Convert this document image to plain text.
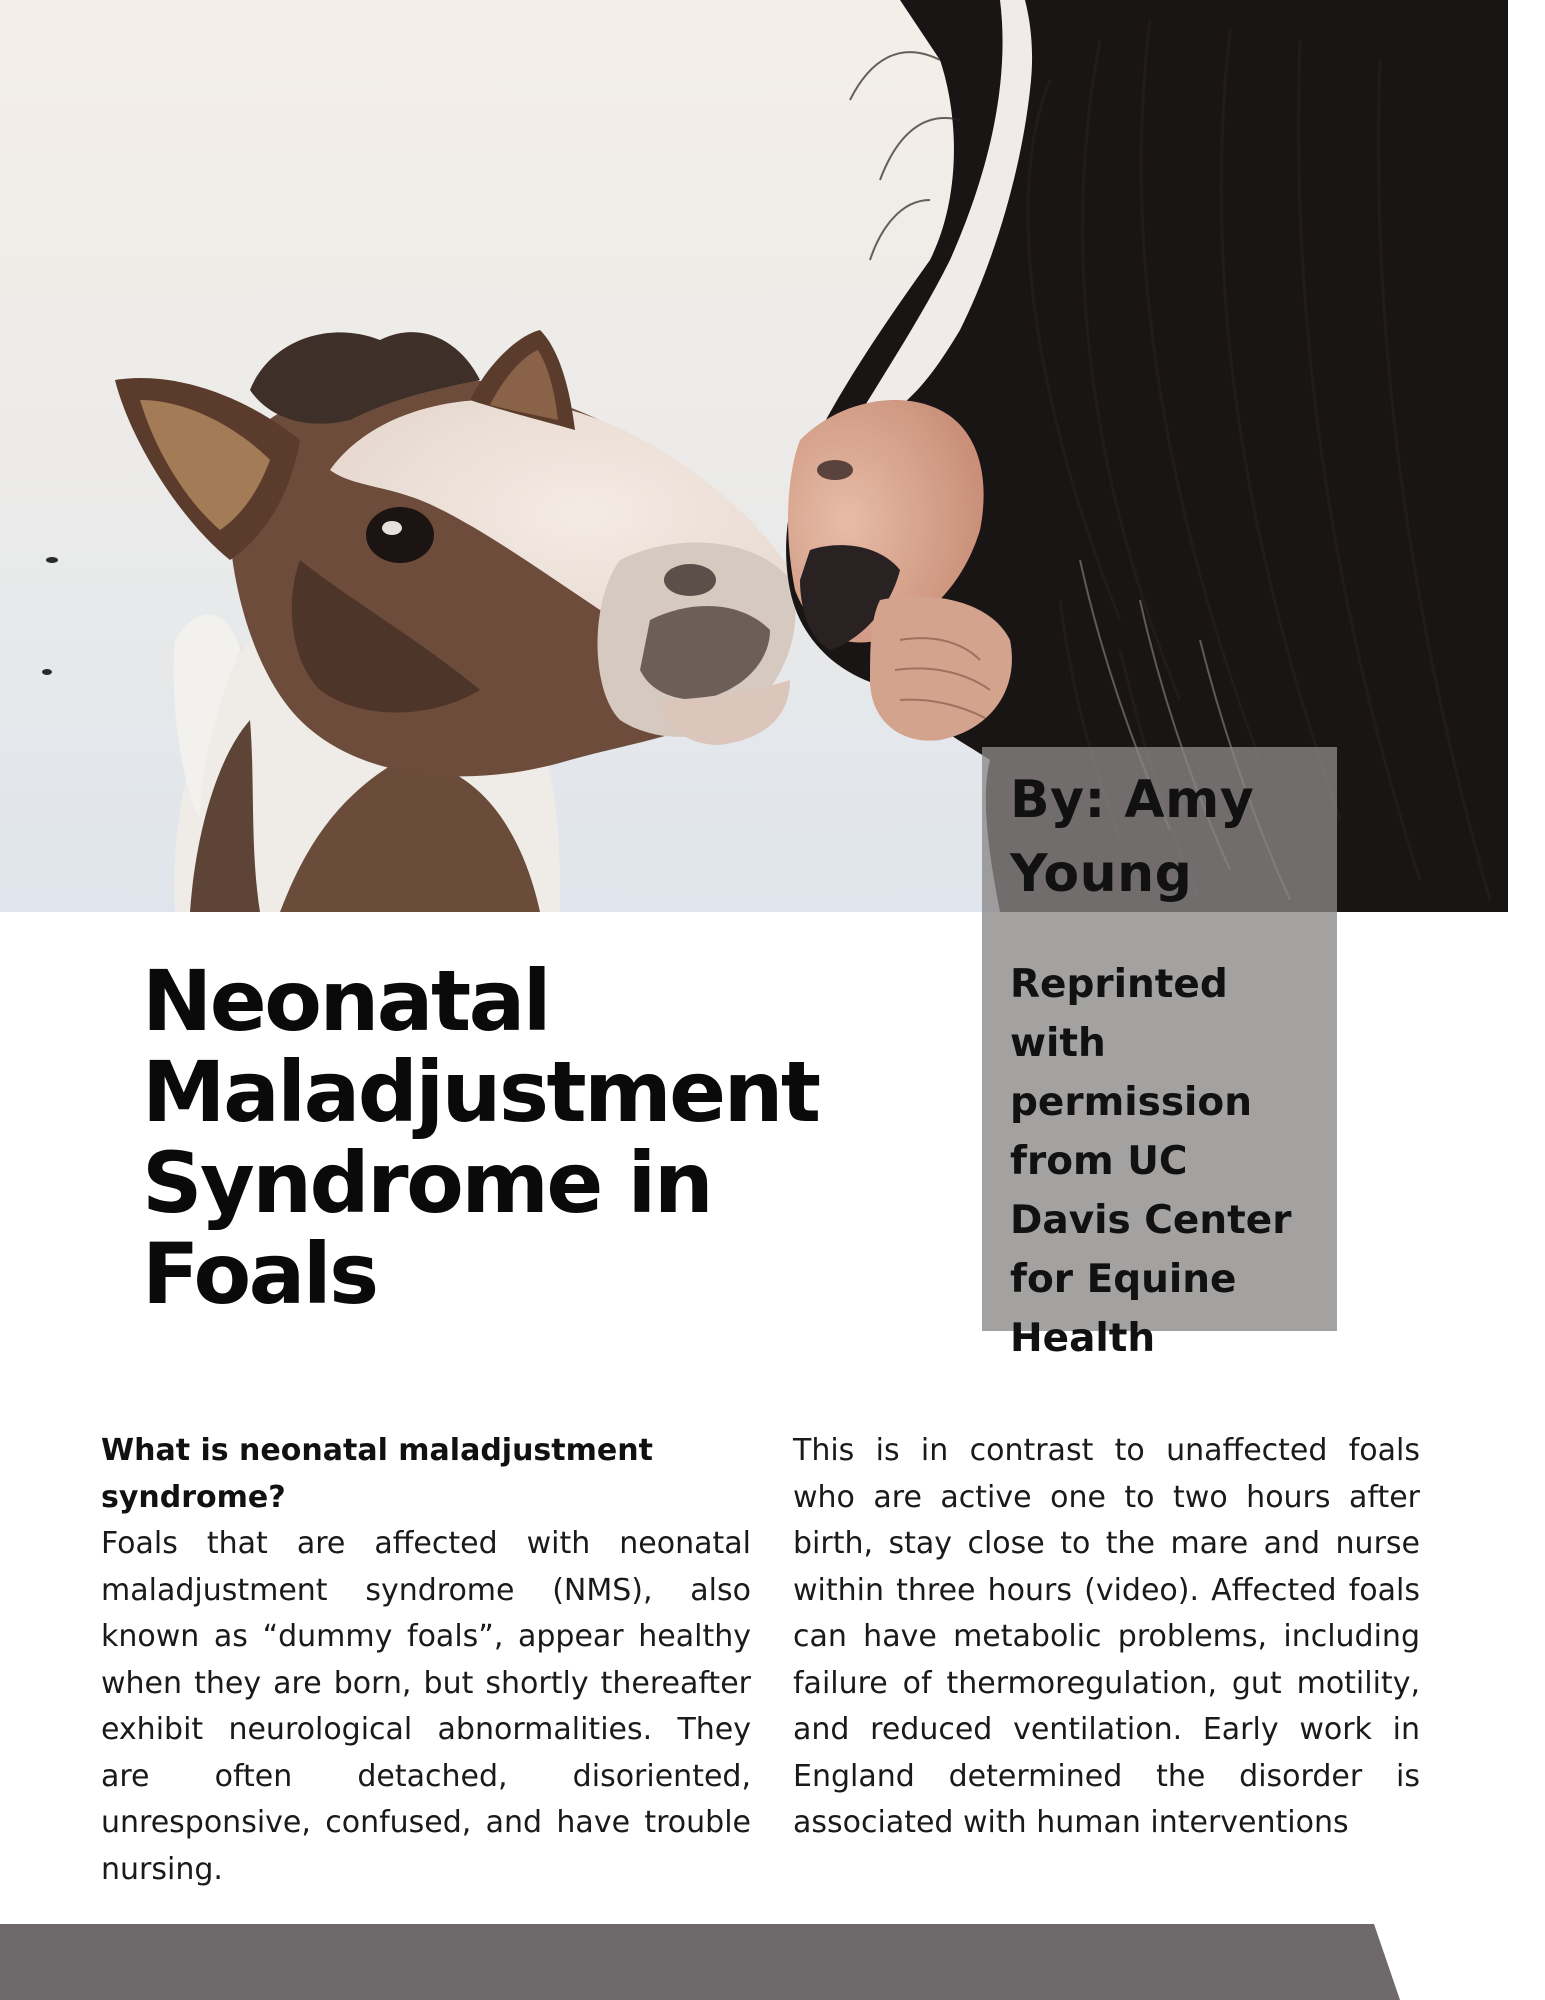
By: Amy Young

Reprinted with permission from UC Davis Center for Equine Health

Neonatal Maladjustment Syndrome in Foals
What is neonatal maladjustment syndrome?

Foals that are affected with neonatal maladjustment syndrome (NMS), also known as “dummy foals”, appear healthy when they are born, but shortly thereafter exhibit neurological abnormalities. They are often detached, disoriented, unresponsive, confused, and have trouble nursing.

This is in contrast to unaffected foals who are active one to two hours after birth, stay close to the mare and nurse within three hours (video). Affected foals can have metabolic problems, including failure of thermoregulation, gut motility, and reduced ventilation. Early work in England determined the disorder is associated with human interventions
